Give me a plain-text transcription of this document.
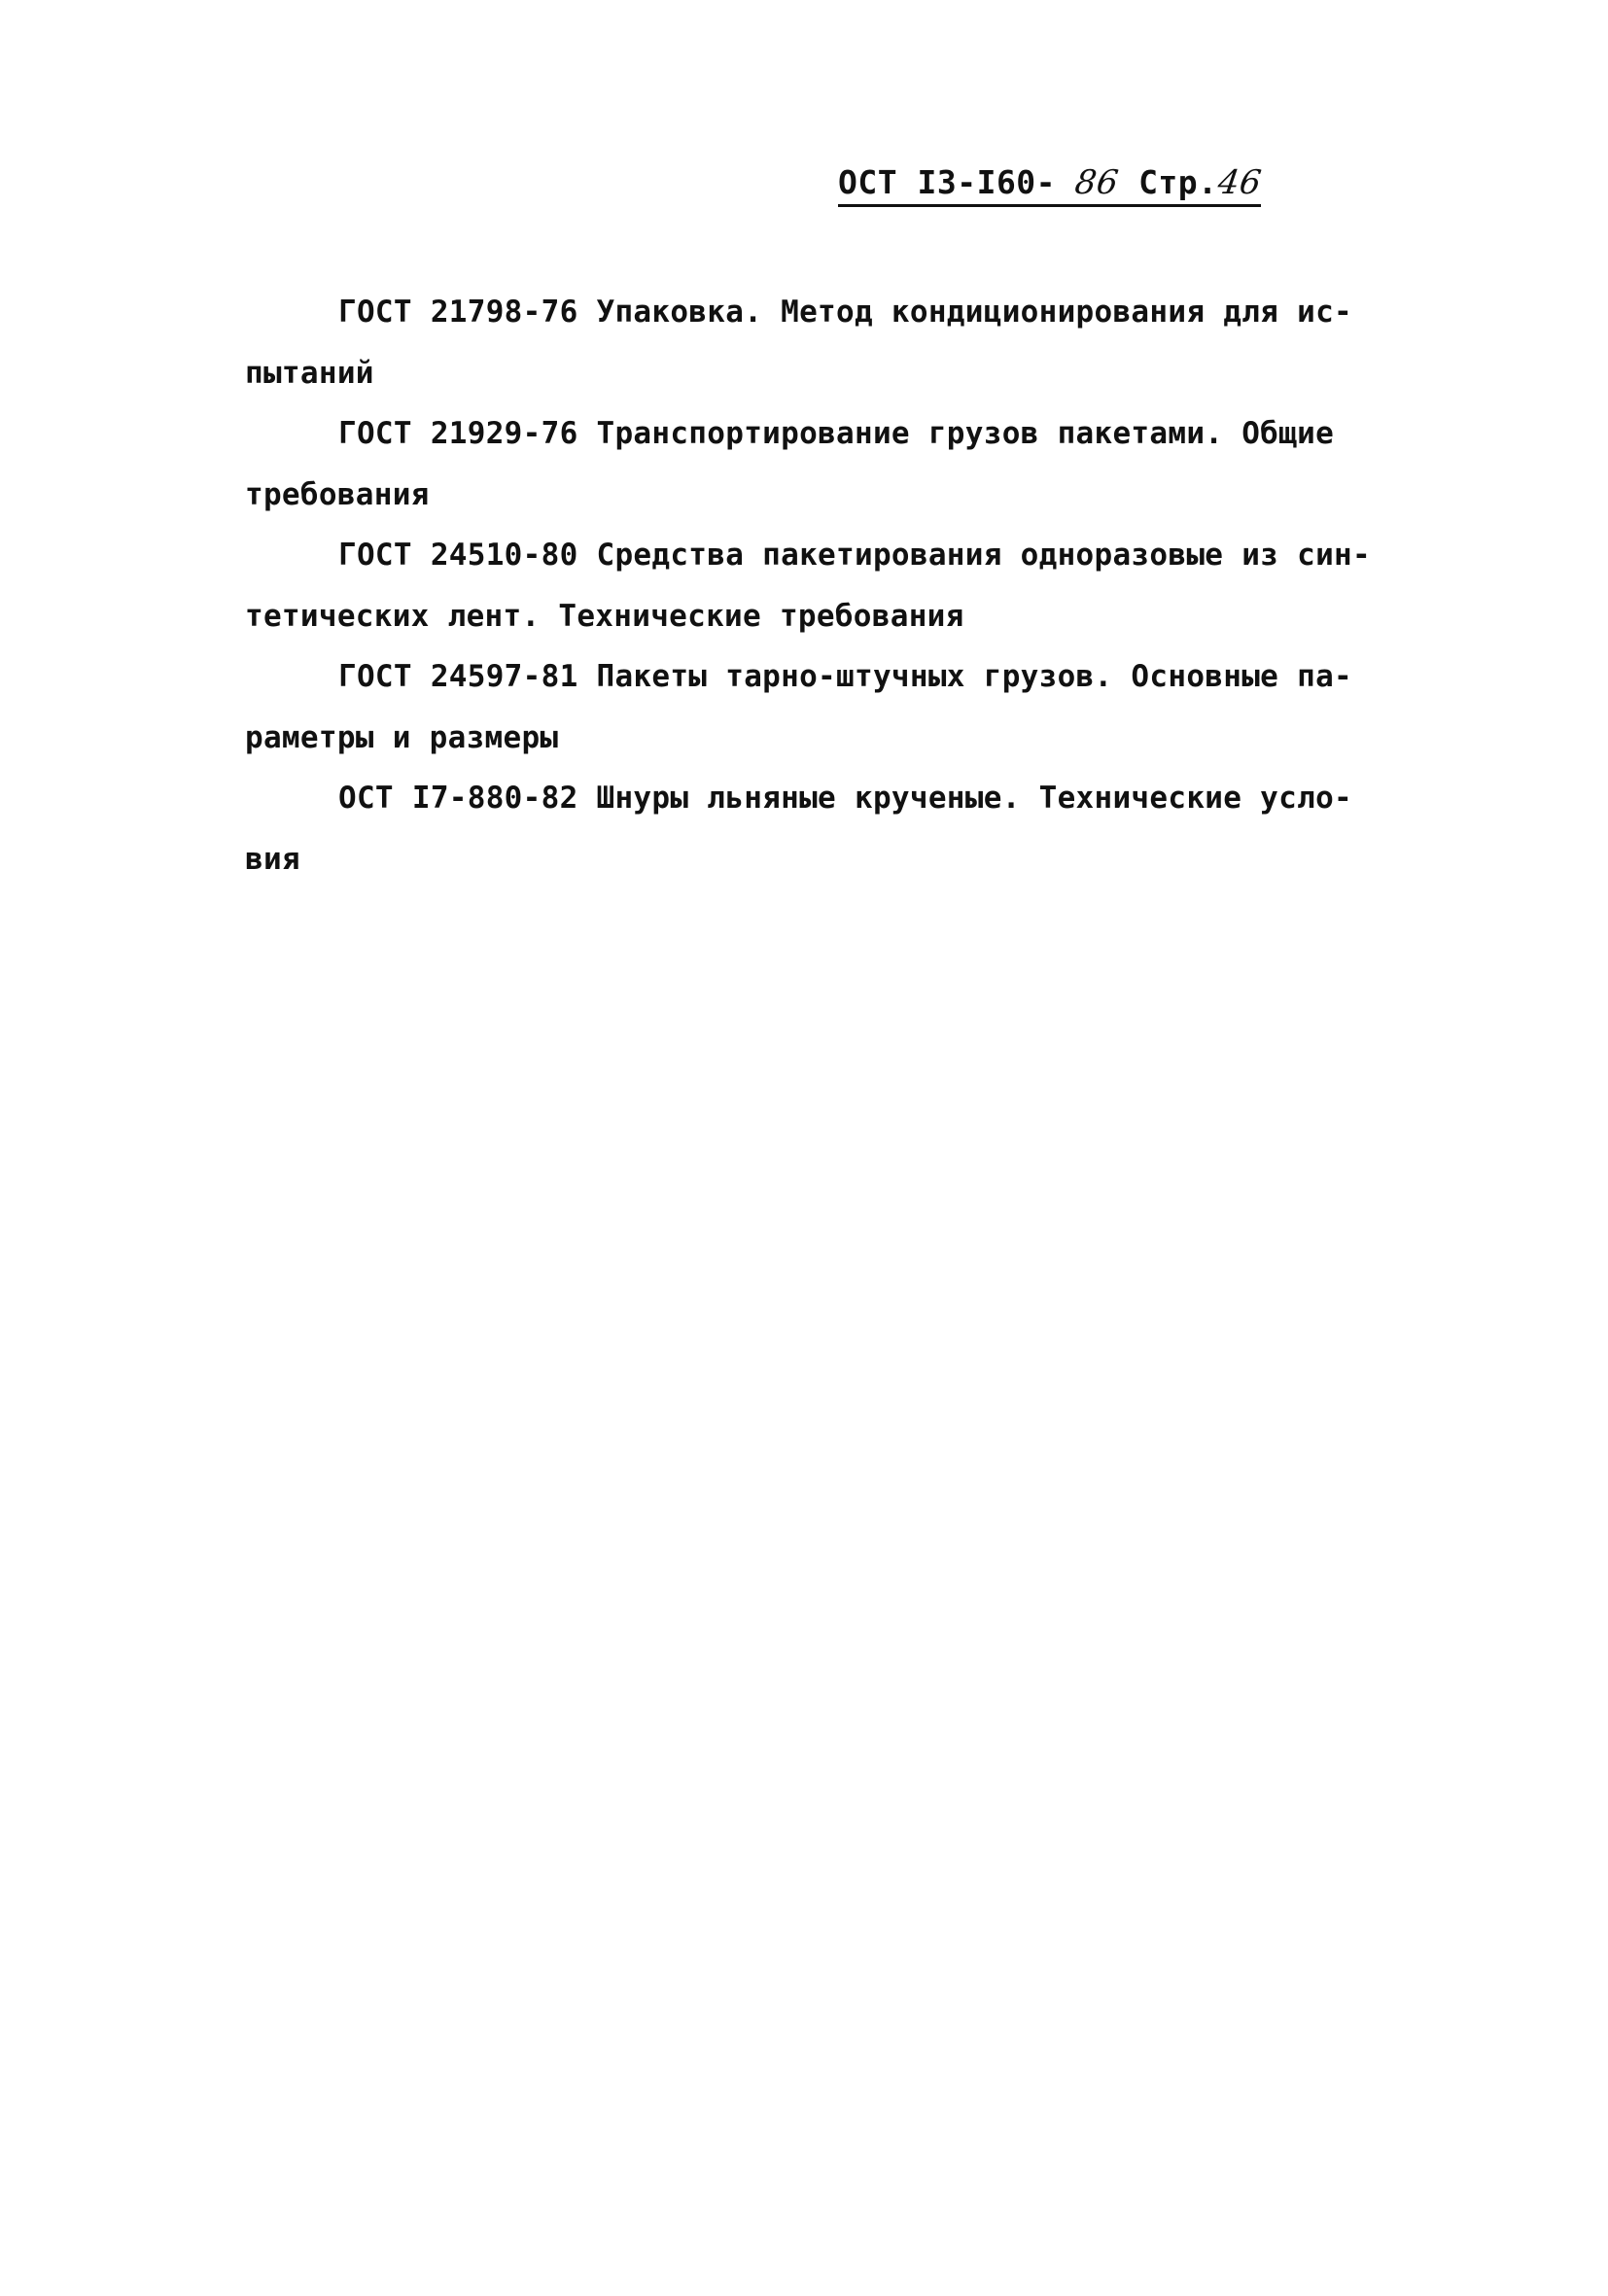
ОСТ I3-I60- 86 Стр.46
ГОСТ 21798-76 Упаковка. Метод кондиционирования для ис-
пытаний
ГОСТ 21929-76 Транспортирование грузов пакетами. Общие
требования
ГОСТ 24510-80 Средства пакетирования одноразовые из син-
тетических лент. Технические требования
ГОСТ 24597-81 Пакеты тарно-штучных грузов. Основные па-
раметры и размеры
ОСТ I7-880-82 Шнуры льняные крученые. Технические усло-
вия
